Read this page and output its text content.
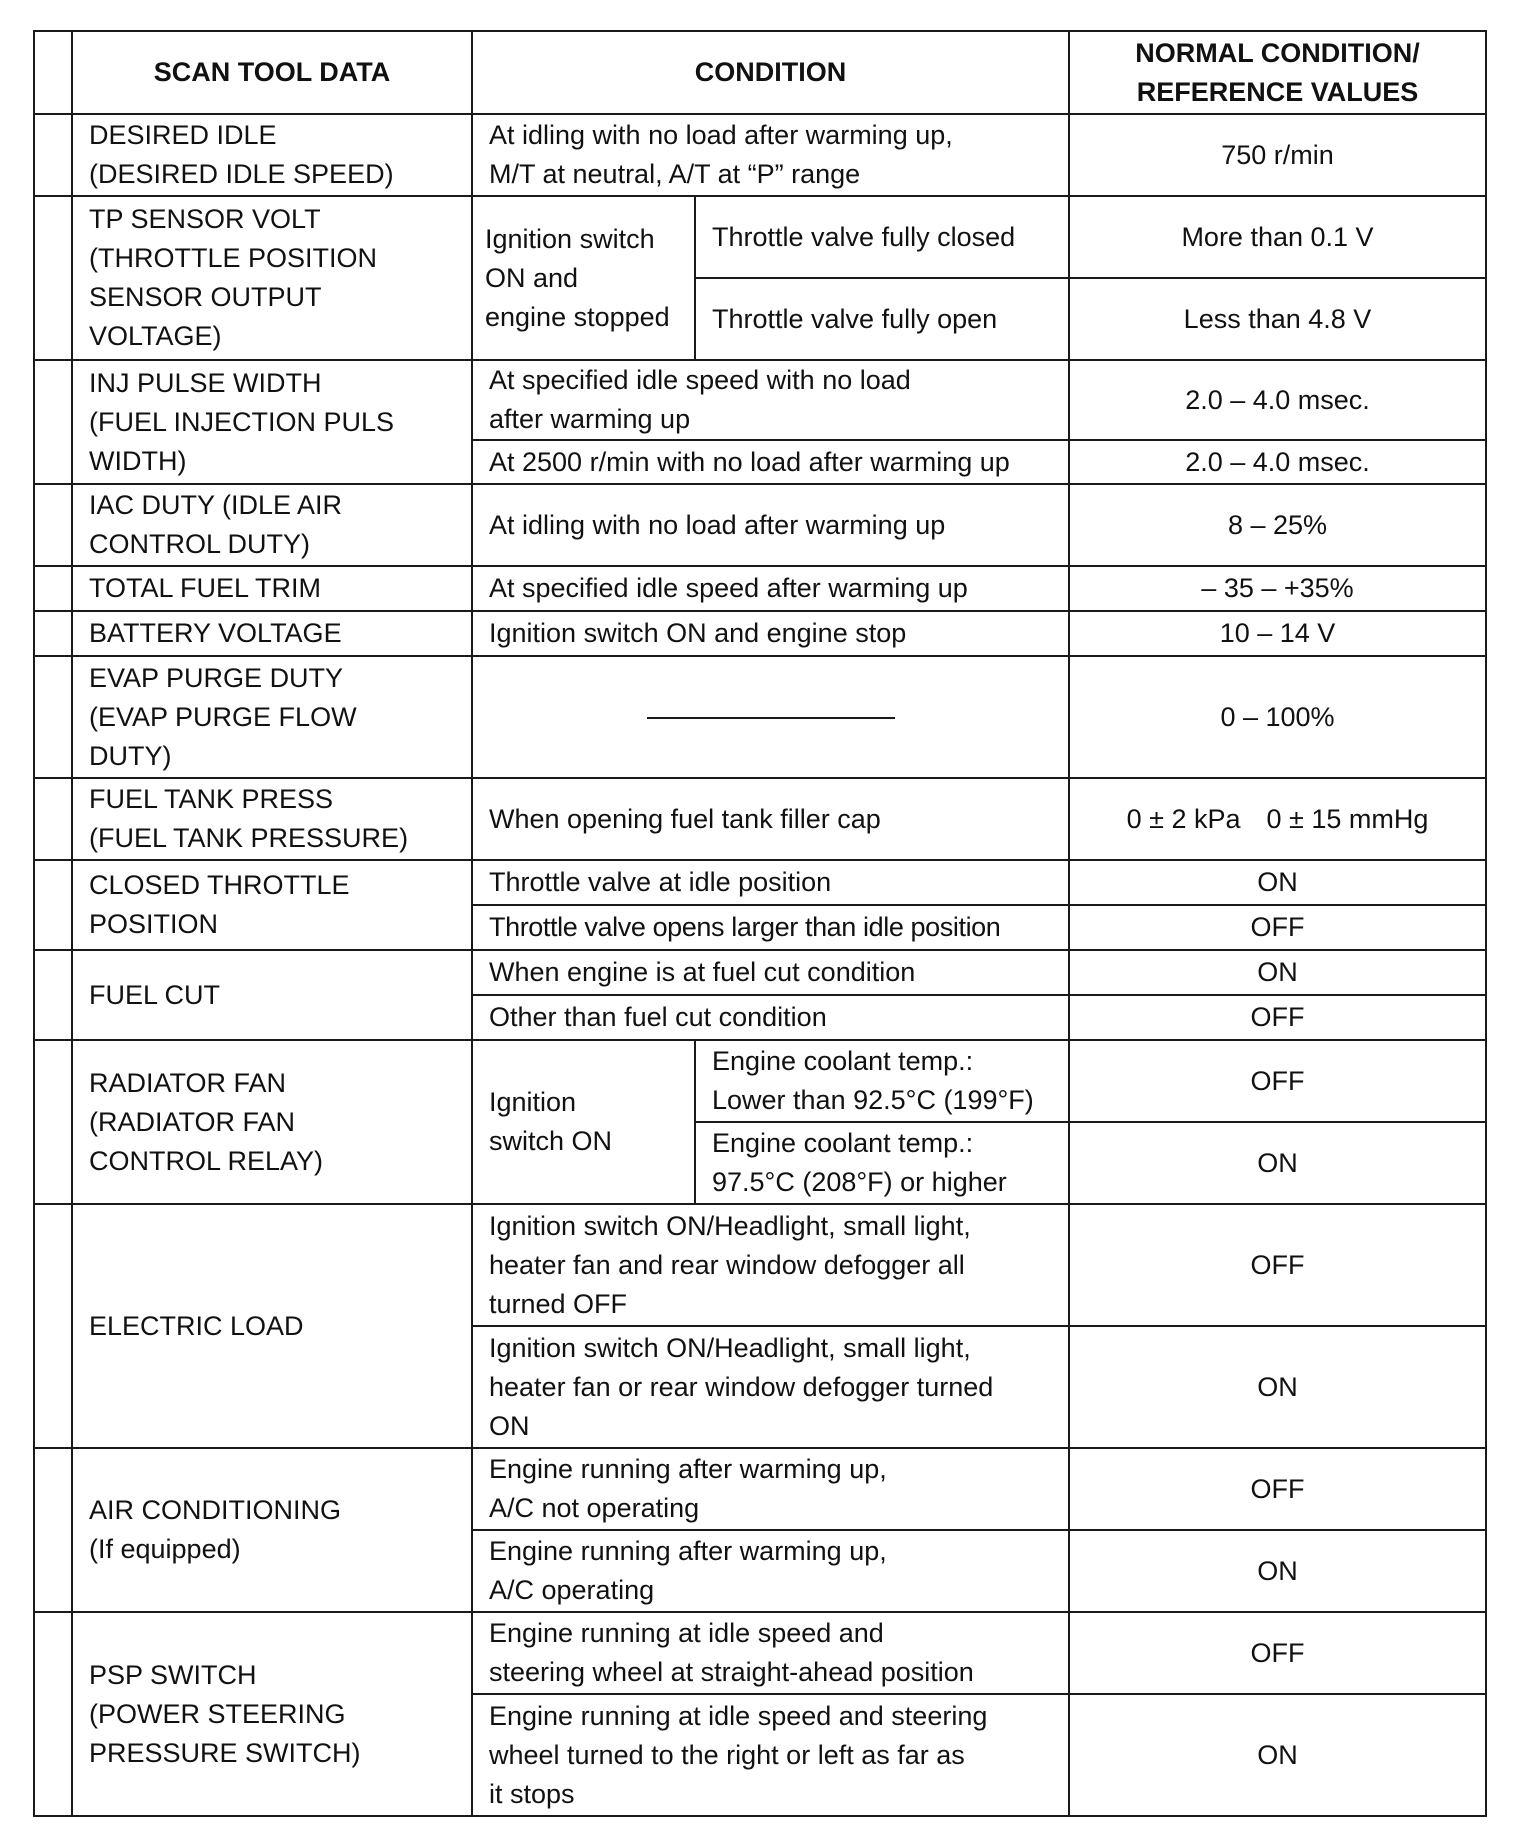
	SCAN TOOL DATA	CONDITION		NORMAL CONDITION/
REFERENCE VALUES
	DESIRED IDLE
(DESIRED IDLE SPEED)	At idling with no load after warming up,
M/T at neutral, A/T at “P” range		750 r/min
	TP SENSOR VOLT
(THROTTLE POSITION
SENSOR OUTPUT
VOLTAGE)	Ignition switch
ON and
engine stopped	Throttle valve fully closed	More than 0.1 V
			Throttle valve fully open	Less than 4.8 V
	INJ PULSE WIDTH
(FUEL INJECTION PULS
WIDTH)	At specified idle speed with no load
after warming up		2.0 – 4.0 msec.
		At 2500 r/min with no load after warming up		2.0 – 4.0 msec.
	IAC DUTY (IDLE AIR
CONTROL DUTY)	At idling with no load after warming up		8 – 25%
	TOTAL FUEL TRIM	At specified idle speed after warming up		– 35 – +35%
	BATTERY VOLTAGE	Ignition switch ON and engine stop		10 – 14 V
	EVAP PURGE DUTY
(EVAP PURGE FLOW
DUTY)			0 – 100%
	FUEL TANK PRESS
(FUEL TANK PRESSURE)	When opening fuel tank filler cap		0 ± 2 kPa 0 ± 15 mmHg
	CLOSED THROTTLE
POSITION	Throttle valve at idle position		ON
		Throttle valve opens larger than idle position		OFF
	FUEL CUT	When engine is at fuel cut condition		ON
		Other than fuel cut condition		OFF
	RADIATOR FAN
(RADIATOR FAN
CONTROL RELAY)	Ignition
switch ON	Engine coolant temp.:
Lower than 92.5°C (199°F)	OFF
			Engine coolant temp.:
97.5°C (208°F) or higher	ON
	ELECTRIC LOAD	Ignition switch ON/Headlight, small light,
heater fan and rear window defogger all
turned OFF		OFF
		Ignition switch ON/Headlight, small light,
heater fan or rear window defogger turned
ON		ON
	AIR CONDITIONING
(If equipped)	Engine running after warming up,
A/C not operating		OFF
		Engine running after warming up,
A/C operating		ON
	PSP SWITCH
(POWER STEERING
PRESSURE SWITCH)	Engine running at idle speed and
steering wheel at straight-ahead position		OFF
		Engine running at idle speed and steering
wheel turned to the right or left as far as
it stops		ON
